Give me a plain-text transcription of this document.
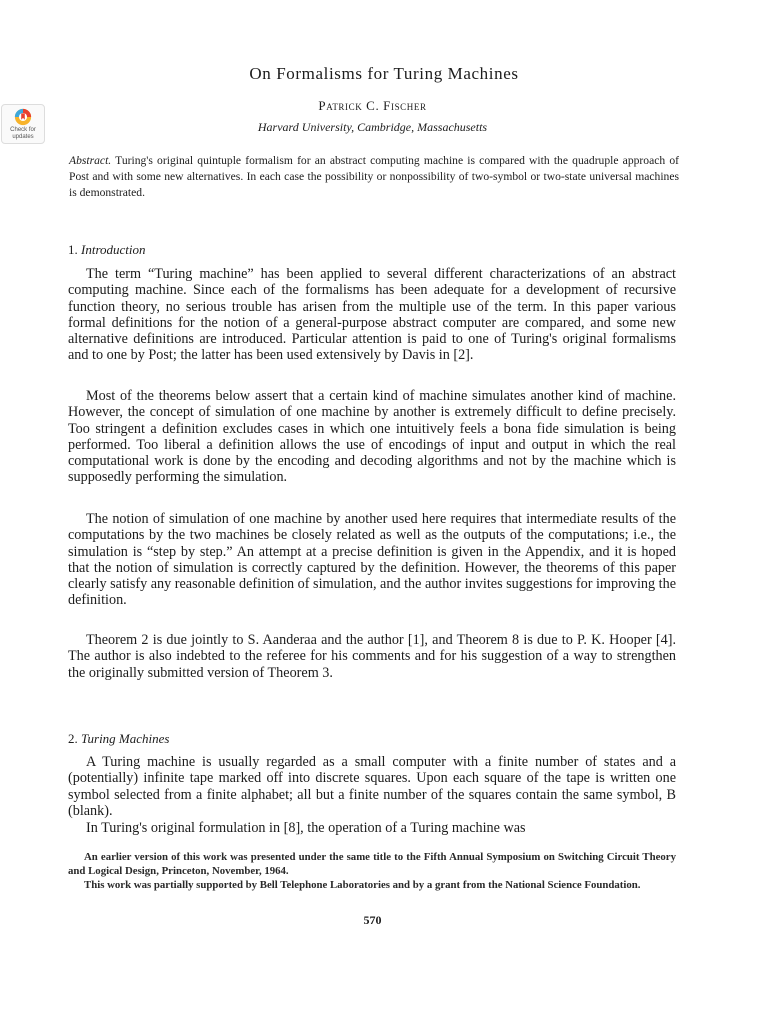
Check for
updates
On Formalisms for Turing Machines
Patrick C. Fischer
Harvard University, Cambridge, Massachusetts

Abstract. Turing's original quintuple formalism for an abstract computing machine is compared with the quadruple approach of Post and with some new alternatives. In each case the possibility or nonpossibility of two-symbol or two-state universal machines is demonstrated.

1. Introduction

The term “Turing machine” has been applied to several different characterizations of an abstract computing machine. Since each of the formalisms has been adequate for a development of recursive function theory, no serious trouble has arisen from the multiple use of the term. In this paper various formal definitions for the notion of a general-purpose abstract computer are compared, and some new alternative definitions are introduced. Particular attention is paid to one of Turing's original formalisms and to one by Post; the latter has been used extensively by Davis in [2].

Most of the theorems below assert that a certain kind of machine simulates another kind of machine. However, the concept of simulation of one machine by another is extremely difficult to define precisely. Too stringent a definition excludes cases in which one intuitively feels a bona fide simulation is being performed. Too liberal a definition allows the use of encodings of input and output in which the real computational work is done by the encoding and decoding algorithms and not by the machine which is supposedly performing the simulation.

The notion of simulation of one machine by another used here requires that intermediate results of the computations by the two machines be closely related as well as the outputs of the computations; i.e., the simulation is “step by step.” An attempt at a precise definition is given in the Appendix, and it is hoped that the notion of simulation is correctly captured by the definition. However, the theorems of this paper clearly satisfy any reasonable definition of simulation, and the author invites suggestions for improving the definition.

Theorem 2 is due jointly to S. Aanderaa and the author [1], and Theorem 8 is due to P. K. Hooper [4]. The author is also indebted to the referee for his comments and for his suggestion of a way to strengthen the originally submitted version of Theorem 3.

2. Turing Machines

A Turing machine is usually regarded as a small computer with a finite number of states and a (potentially) infinite tape marked off into discrete squares. Upon each square of the tape is written one symbol selected from a finite alphabet; all but a finite number of the squares contain the same symbol, B (blank).

In Turing's original formulation in [8], the operation of a Turing machine was

An earlier version of this work was presented under the same title to the Fifth Annual Symposium on Switching Circuit Theory and Logical Design, Princeton, November, 1964.

This work was partially supported by Bell Telephone Laboratories and by a grant from the National Science Foundation.

570
